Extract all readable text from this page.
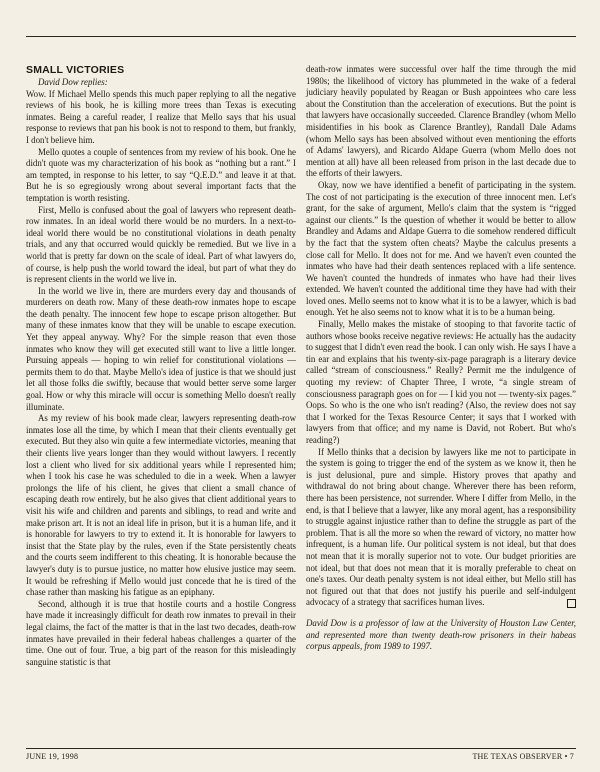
SMALL VICTORIES

David Dow replies:

Wow. If Michael Mello spends this much paper replying to all the negative reviews of his book, he is killing more trees than Texas is executing inmates. Being a careful reader, I realize that Mello says that his usual response to reviews that pan his book is not to respond to them, but frankly, I don't believe him.

Mello quotes a couple of sentences from my review of his book. One he didn't quote was my characterization of his book as “nothing but a rant.” I am tempted, in response to his letter, to say “Q.E.D.” and leave it at that. But he is so egregiously wrong about several important facts that the temptation is worth resisting.

First, Mello is confused about the goal of lawyers who represent death-row inmates. In an ideal world there would be no murders. In a next-to-ideal world there would be no constitutional violations in death penalty trials, and any that occurred would quickly be remedied. But we live in a world that is pretty far down on the scale of ideal. Part of what lawyers do, of course, is help push the world toward the ideal, but part of what they do is represent clients in the world we live in.

In the world we live in, there are murders every day and thousands of murderers on death row. Many of these death-row inmates hope to escape the death penalty. The innocent few hope to escape prison altogether. But many of these inmates know that they will be unable to escape execution. Yet they appeal anyway. Why? For the simple reason that even those inmates who know they will get executed still want to live a little longer. Pursuing appeals — hoping to win relief for constitutional violations — permits them to do that. Maybe Mello's idea of justice is that we should just let all those folks die swiftly, because that would better serve some larger goal. How or why this miracle will occur is something Mello doesn't really illuminate.

As my review of his book made clear, lawyers representing death-row inmates lose all the time, by which I mean that their clients eventually get executed. But they also win quite a few intermediate victories, meaning that their clients live years longer than they would without lawyers. I recently lost a client who lived for six additional years while I represented him; when I took his case he was scheduled to die in a week. When a lawyer prolongs the life of his client, he gives that client a small chance of escaping death row entirely, but he also gives that client additional years to visit his wife and children and parents and siblings, to read and write and make prison art. It is not an ideal life in prison, but it is a human life, and it is honorable for lawyers to try to extend it. It is honorable for lawyers to insist that the State play by the rules, even if the State persistently cheats and the courts seem indifferent to this cheating. It is honorable because the lawyer's duty is to pursue justice, no matter how elusive justice may seem. It would be refreshing if Mello would just concede that he is tired of the chase rather than masking his fatigue as an epiphany.

Second, although it is true that hostile courts and a hostile Congress have made it increasingly difficult for death row inmates to prevail in their legal claims, the fact of the matter is that in the last two decades, death-row inmates have prevailed in their federal habeas challenges a quarter of the time. One out of four. True, a big part of the reason for this misleadingly sanguine statistic is that

death-row inmates were successful over half the time through the mid 1980s; the likelihood of victory has plummeted in the wake of a federal judiciary heavily populated by Reagan or Bush appointees who care less about the Constitution than the acceleration of executions. But the point is that lawyers have occasionally succeeded. Clarence Brandley (whom Mello misidentifies in his book as Clarence Brantley), Randall Dale Adams (whom Mello says has been absolved without even mentioning the efforts of Adams' lawyers), and Ricardo Aldape Guerra (whom Mello does not mention at all) have all been released from prison in the last decade due to the efforts of their lawyers.

Okay, now we have identified a benefit of participating in the system. The cost of not participating is the execution of three innocent men. Let's grant, for the sake of argument, Mello's claim that the system is “rigged against our clients.” Is the question of whether it would be better to allow Brandley and Adams and Aldape Guerra to die somehow rendered difficult by the fact that the system often cheats? Maybe the calculus presents a close call for Mello. It does not for me. And we haven't even counted the inmates who have had their death sentences replaced with a life sentence. We haven't counted the hundreds of inmates who have had their lives extended. We haven't counted the additional time they have had with their loved ones. Mello seems not to know what it is to be a lawyer, which is bad enough. Yet he also seems not to know what it is to be a human being.

Finally, Mello makes the mistake of stooping to that favorite tactic of authors whose books receive negative reviews: He actually has the audacity to suggest that I didn't even read the book. I can only wish. He says I have a tin ear and explains that his twenty-six-page paragraph is a literary device called “stream of consciousness.” Really? Permit me the indulgence of quoting my review: of Chapter Three, I wrote, “a single stream of consciousness paragraph goes on for — I kid you not — twenty-six pages.” Oops. So who is the one who isn't reading? (Also, the review does not say that I worked for the Texas Resource Center; it says that I worked with lawyers from that office; and my name is David, not Robert. But who's reading?)

If Mello thinks that a decision by lawyers like me not to participate in the system is going to trigger the end of the system as we know it, then he is just delusional, pure and simple. History proves that apathy and withdrawal do not bring about change. Wherever there has been reform, there has been persistence, not surrender. Where I differ from Mello, in the end, is that I believe that a lawyer, like any moral agent, has a responsibility to struggle against injustice rather than to define the struggle as part of the problem. That is all the more so when the reward of victory, no matter how infrequent, is a human life. Our political system is not ideal, but that does not mean that it is morally superior not to vote. Our budget priorities are not ideal, but that does not mean that it is morally preferable to cheat on one's taxes. Our death penalty system is not ideal either, but Mello still has not figured out that that does not justify his puerile and self-indulgent advocacy of a strategy that sacrifices human lives.

David Dow is a professor of law at the University of Houston Law Center, and represented more than twenty death-row prisoners in their habeas corpus appeals, from 1989 to 1997.

JUNE 19, 1998	THE TEXAS OBSERVER • 7
